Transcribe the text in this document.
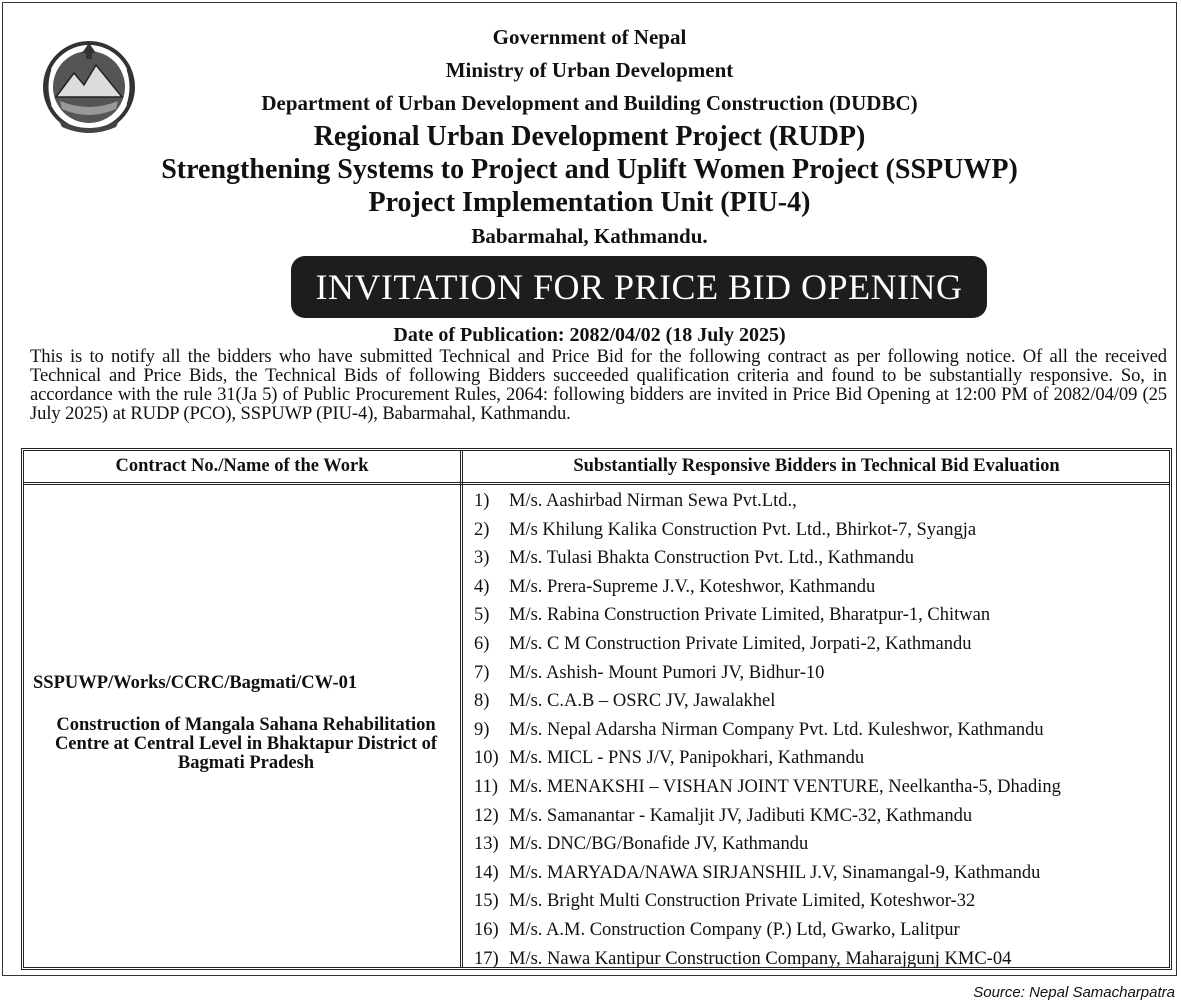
Government of Nepal
Ministry of Urban Development
Department of Urban Development and Building Construction (DUDBC)
Regional Urban Development Project (RUDP)
Strengthening Systems to Project and Uplift Women Project (SSPUWP)
Project Implementation Unit (PIU-4)
Babarmahal, Kathmandu.
INVITATION FOR PRICE BID OPENING
Date of Publication: 2082/04/02 (18 July 2025)
This is to notify all the bidders who have submitted Technical and Price Bid for the following contract as per following notice. Of all the received Technical and Price Bids, the Technical Bids of following Bidders succeeded qualification criteria and found to be substantially responsive. So, in accordance with the rule 31(Ja 5) of Public Procurement Rules, 2064: following bidders are invited in Price Bid Opening at 12:00 PM of 2082/04/09 (25 July 2025) at RUDP (PCO), SSPUWP (PIU-4), Babarmahal, Kathmandu.
Contract No./Name of the Work	Substantially Responsive Bidders in Technical Bid Evaluation
SSPUWP/Works/CCRC/Bagmati/CW-01
Construction of Mangala Sahana Rehabilitation Centre at Central Level in Bhaktapur District of Bagmati Pradesh
1) M/s. Aashirbad Nirman Sewa Pvt.Ltd.,
2) M/s Khilung Kalika Construction Pvt. Ltd., Bhirkot-7, Syangja
3) M/s. Tulasi Bhakta Construction Pvt. Ltd., Kathmandu
4) M/s. Prera-Supreme J.V., Koteshwor, Kathmandu
5) M/s. Rabina Construction Private Limited, Bharatpur-1, Chitwan
6) M/s. C M Construction Private Limited, Jorpati-2, Kathmandu
7) M/s. Ashish- Mount Pumori JV, Bidhur-10
8) M/s. C.A.B – OSRC JV, Jawalakhel
9) M/s. Nepal Adarsha Nirman Company Pvt. Ltd. Kuleshwor, Kathmandu
10) M/s. MICL - PNS J/V, Panipokhari, Kathmandu
11) M/s. MENAKSHI – VISHAN JOINT VENTURE, Neelkantha-5, Dhading
12) M/s. Samanantar - Kamaljit JV, Jadibuti KMC-32, Kathmandu
13) M/s. DNC/BG/Bonafide JV, Kathmandu
14) M/s. MARYADA/NAWA SIRJANSHIL J.V, Sinamangal-9, Kathmandu
15) M/s. Bright Multi Construction Private Limited, Koteshwor-32
16) M/s. A.M. Construction Company (P.) Ltd, Gwarko, Lalitpur
17) M/s. Nawa Kantipur Construction Company, Maharajgunj KMC-04
Source: Nepal Samacharpatra
